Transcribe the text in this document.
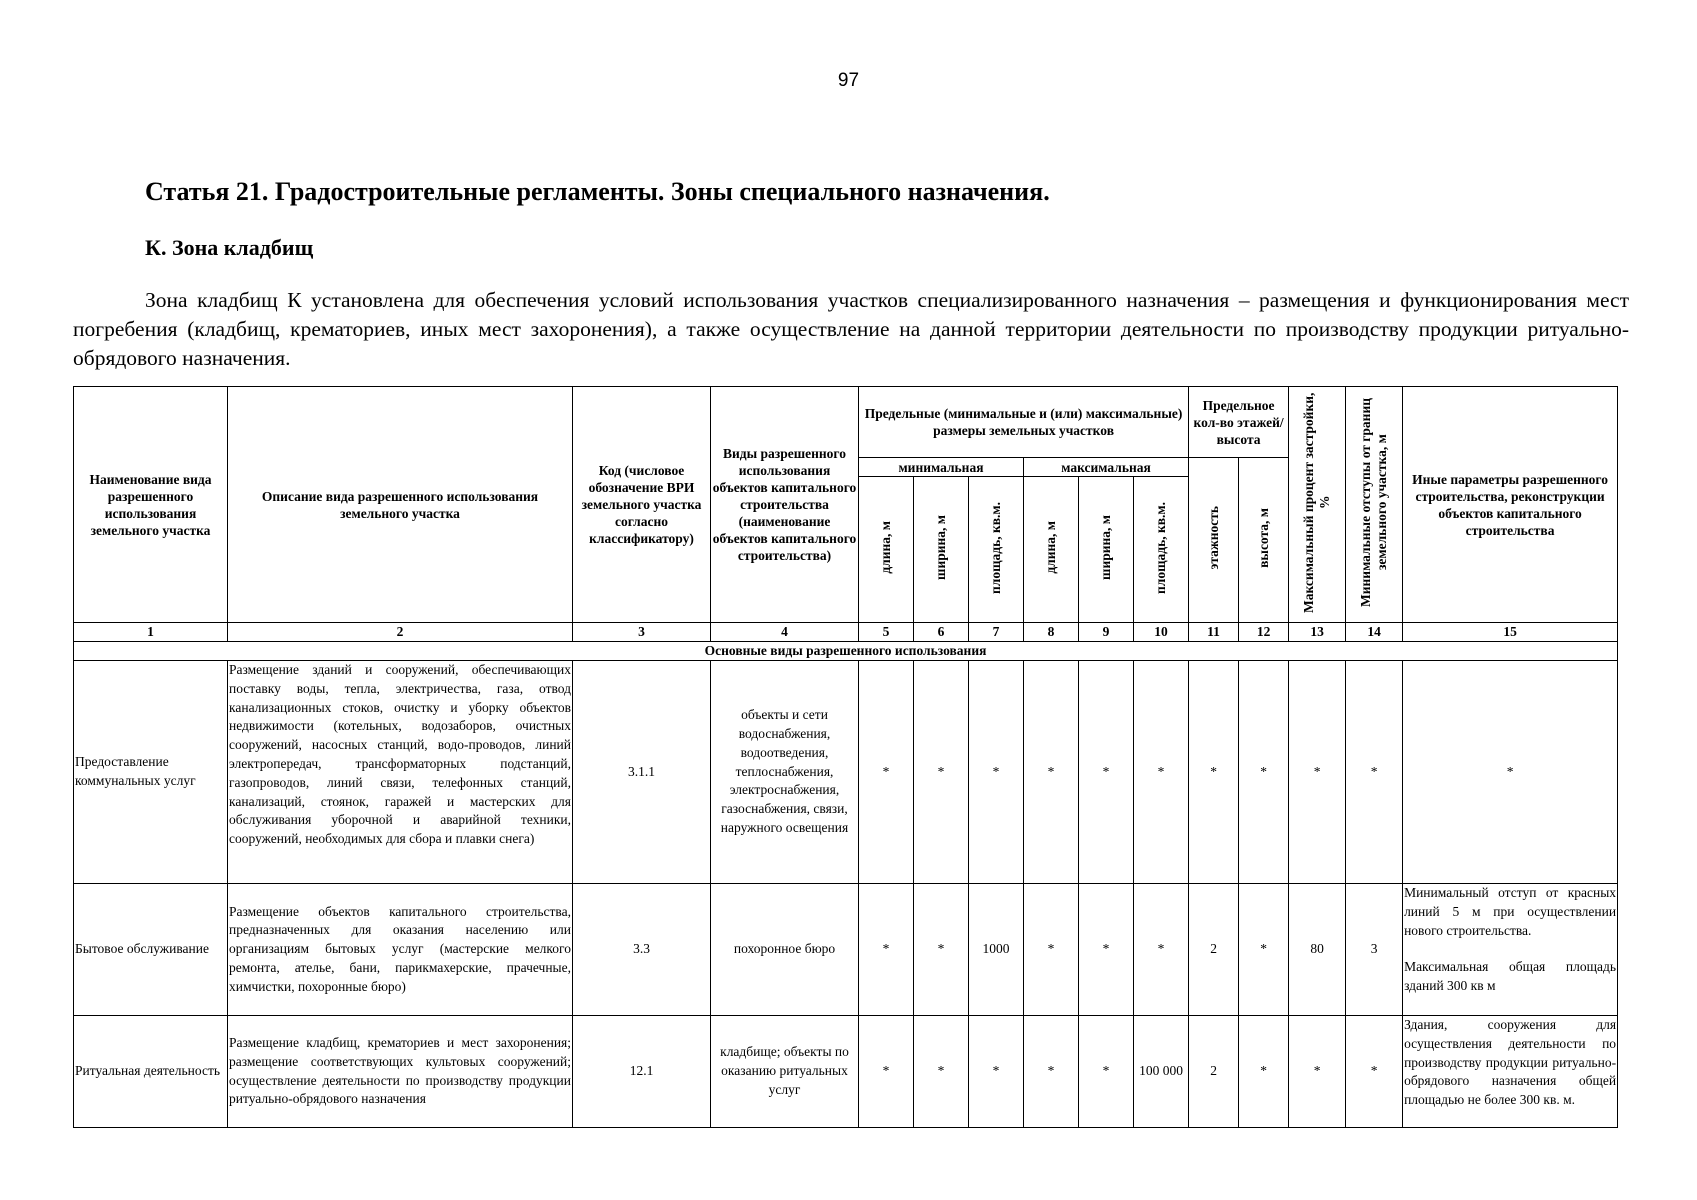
97
Статья 21. Градостроительные регламенты. Зоны специального назначения.
К. Зона кладбищ
Зона кладбищ К установлена для обеспечения условий использования участков специализированного назначения – размещения и функционирования мест погребения (кладбищ, крематориев, иных мест захоронения), а также осуществление на данной территории деятельности по производству продукции ритуально-обрядового назначения.
Наименование вида разрешенного использования земельного участка	Описание вида разрешенного использования земельного участка	Код (числовое обозначение ВРИ земельного участка согласно классификатору)	Виды разрешенного использования объектов капитального строительства (наименование объектов капитального строительства)	Предельные (минимальные и (или) максимальные) размеры земельных участков						Предельное кол-во этажей/ высота		Максимальный процент застройки, %	Минимальные отступы от границ земельного участка, м	Иные параметры разрешенного строительства, реконструкции объектов капитального строительства
				минимальная			максимальная			этажность	высота, м			
				длина, м	ширина, м	площадь, кв.м.	длина, м	ширина, м	площадь, кв.м.					
1	2	3	4	5	6	7	8	9	10	11	12	13	14	15
Основные виды разрешенного использования														
Предоставление коммунальных услуг	Размещение зданий и сооружений, обеспечивающих поставку воды, тепла, электричества, газа, отвод канализационных стоков, очистку и уборку объектов недвижимости (котельных, водозаборов, очистных сооружений, насосных станций, водо-проводов, линий электропередач, трансформаторных подстанций, газопроводов, линий связи, телефонных станций, канализаций, стоянок, гаражей и мастерских для обслуживания уборочной и аварийной техники, сооружений, необходимых для сбора и плавки снега)	3.1.1	объекты и сети водоснабжения, водоотведения, теплоснабжения, электроснабжения, газоснабжения, связи, наружного освещения	*	*	*	*	*	*	*	*	*	*	*
Бытовое обслуживание	Размещение объектов капитального строительства, предназначенных для оказания населению или организациям бытовых услуг (мастерские мелкого ремонта, ателье, бани, парикмахерские, прачечные, химчистки, похоронные бюро)	3.3	похоронное бюро	*	*	1000	*	*	*	2	*	80	3	Минимальный отступ от красных линий 5 м при осуществлении нового строительства.
Максимальная общая площадь зданий 300 кв м
Ритуальная деятельность	Размещение кладбищ, крематориев и мест захоронения; размещение соответствующих культовых сооружений; осуществление деятельности по производству продукции ритуально-обрядового назначения	12.1	кладбище; объекты по оказанию ритуальных услуг	*	*	*	*	*	100 000	2	*	*	*	Здания, сооружения для осуществления деятельности по производству продукции ритуально-обрядового назначения общей площадью не более 300 кв. м.
